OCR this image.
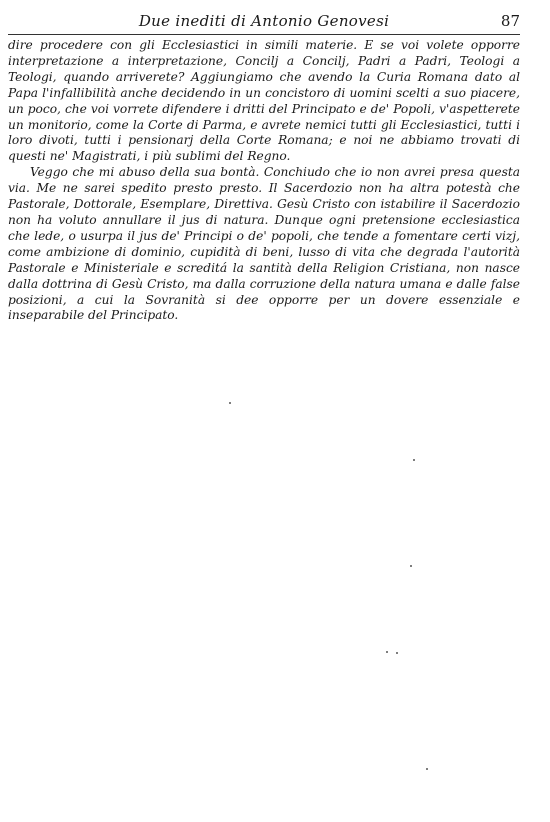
Due inediti di Antonio Genovesi	87

dire procedere con gli Ecclesiastici in simili materie. E se voi volete opporre interpretazione a interpretazione, Concilj a Concilj, Padri a Padri, Teologi a Teologi, quando arriverete? Aggiungiamo che avendo la Curia Romana dato al Papa l'infallibilità anche decidendo in un concistoro di uomini scelti a suo piacere, un poco, che voi vorrete difendere i dritti del Principato e de' Popoli, v'aspetterete un monitorio, come la Corte di Parma, e avrete nemici tutti gli Ecclesiastici, tutti i loro divoti, tutti i pensionarj della Corte Romana; e noi ne abbiamo trovati di questi ne' Magistrati, i più sublimi del Regno.

Veggo che mi abuso della sua bontà. Conchiudo che io non avrei presa questa via. Me ne sarei spedito presto presto. Il Sacerdozio non ha altra potestà che Pastorale, Dottorale, Esemplare, Direttiva. Gesù Cristo con istabilire il Sacerdozio non ha voluto annullare il jus di natura. Dunque ogni pretensione ecclesiastica che lede, o usurpa il jus de' Principi o de' popoli, che tende a fomentare certi vizj, come ambizione di dominio, cupidità di beni, lusso di vita che degrada l'autorità Pastorale e Ministeriale e screditá la santità della Religion Cristiana, non nasce dalla dottrina di Gesù Cristo, ma dalla corruzione della natura umana e dalle false posizioni, a cui la Sovranità si dee opporre per un dovere essenziale e inseparabile del Principato.
